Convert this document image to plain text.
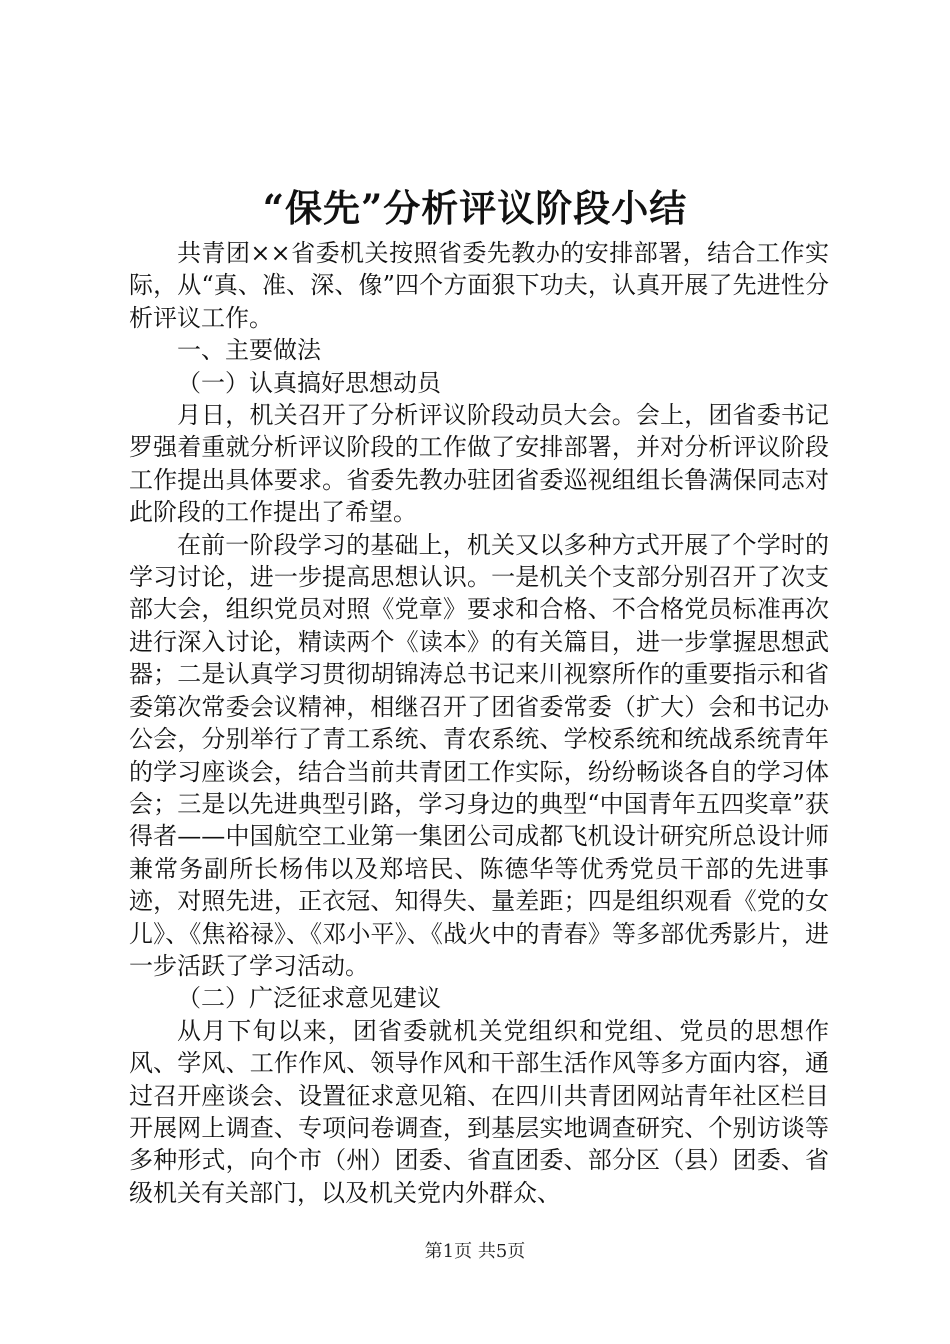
“保先”分析评议阶段小结

共青团××省委机关按照省委先教办的安排部署，结合工作实际，从“真、准、深、像”四个方面狠下功夫，认真开展了先进性分析评议工作。

一、主要做法

（一）认真搞好思想动员

月日，机关召开了分析评议阶段动员大会。会上，团省委书记罗强着重就分析评议阶段的工作做了安排部署，并对分析评议阶段工作提出具体要求。省委先教办驻团省委巡视组组长鲁满保同志对此阶段的工作提出了希望。

在前一阶段学习的基础上，机关又以多种方式开展了个学时的学习讨论，进一步提高思想认识。一是机关个支部分别召开了次支部大会，组织党员对照《党章》要求和合格、不合格党员标准再次进行深入讨论，精读两个《读本》的有关篇目，进一步掌握思想武器；二是认真学习贯彻胡锦涛总书记来川视察所作的重要指示和省委第次常委会议精神，相继召开了团省委常委（扩大）会和书记办公会，分别举行了青工系统、青农系统、学校系统和统战系统青年的学习座谈会，结合当前共青团工作实际，纷纷畅谈各自的学习体会；三是以先进典型引路，学习身边的典型“中国青年五四奖章”获得者——中国航空工业第一集团公司成都飞机设计研究所总设计师兼常务副所长杨伟以及郑培民、陈德华等优秀党员干部的先进事迹，对照先进，正衣冠、知得失、量差距；四是组织观看《党的女儿》、《焦裕禄》、《邓小平》、《战火中的青春》等多部优秀影片，进一步活跃了学习活动。

（二）广泛征求意见建议

从月下旬以来，团省委就机关党组织和党组、党员的思想作风、学风、工作作风、领导作风和干部生活作风等多方面内容，通过召开座谈会、设置征求意见箱、在四川共青团网站青年社区栏目开展网上调查、专项问卷调查，到基层实地调查研究、个别访谈等多种形式，向个市（州）团委、省直团委、部分区（县）团委、省级机关有关部门，以及机关党内外群众、

第1页 共5页
